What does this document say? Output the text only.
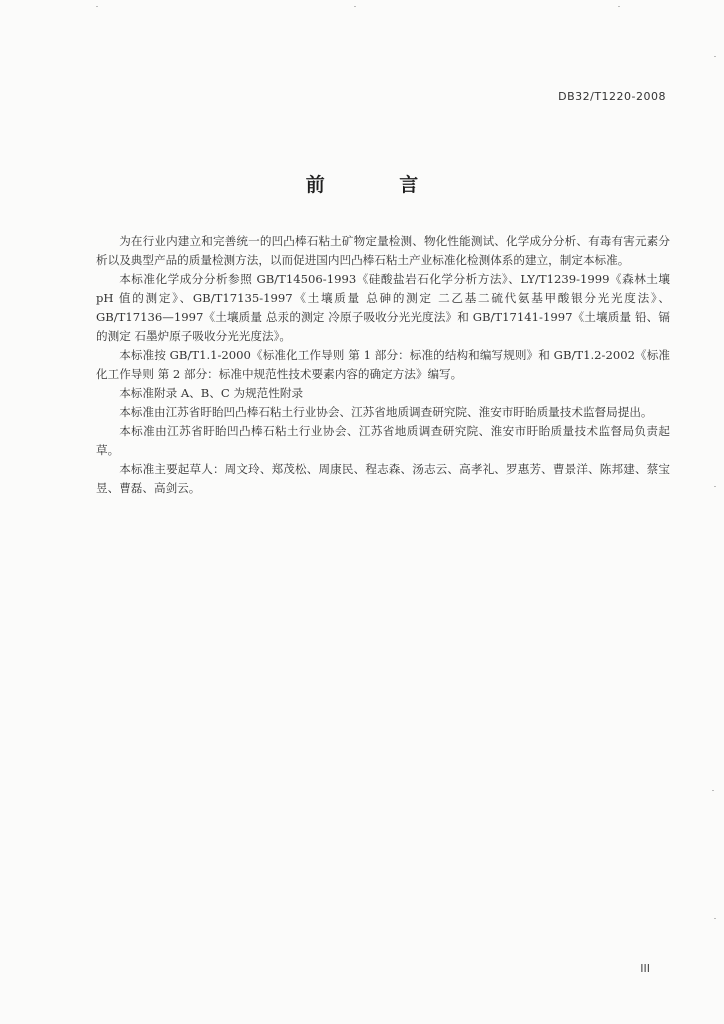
DB32/T1220-2008
前 言

为在行业内建立和完善统一的凹凸棒石粘土矿物定量检测、物化性能测试、化学成分分析、有毒有害元素分析以及典型产品的质量检测方法，以而促进国内凹凸棒石粘土产业标准化检测体系的建立，制定本标准。

本标准化学成分分析参照 GB/T14506-1993《硅酸盐岩石化学分析方法》、LY/T1239-1999《森林土壤 pH 值的测定》、GB/T17135-1997《土壤质量 总砷的测定 二乙基二硫代氨基甲酸银分光光度法》、GB/T17136—1997《土壤质量 总汞的测定 冷原子吸收分光光度法》和 GB/T17141-1997《土壤质量 铅、镉的测定 石墨炉原子吸收分光光度法》。

本标准按 GB/T1.1-2000《标准化工作导则 第 1 部分：标准的结构和编写规则》和 GB/T1.2-2002《标准化工作导则 第 2 部分：标准中规范性技术要素内容的确定方法》编写。

本标准附录 A、B、C 为规范性附录

本标准由江苏省盱眙凹凸棒石粘土行业协会、江苏省地质调查研究院、淮安市盱眙质量技术监督局提出。

本标准由江苏省盱眙凹凸棒石粘土行业协会、江苏省地质调查研究院、淮安市盱眙质量技术监督局负责起草。

本标准主要起草人：周文玲、郑茂松、周康民、程志森、汤志云、高孝礼、罗惠芳、曹景洋、陈邦建、蔡宝昱、曹磊、高剑云。

III
